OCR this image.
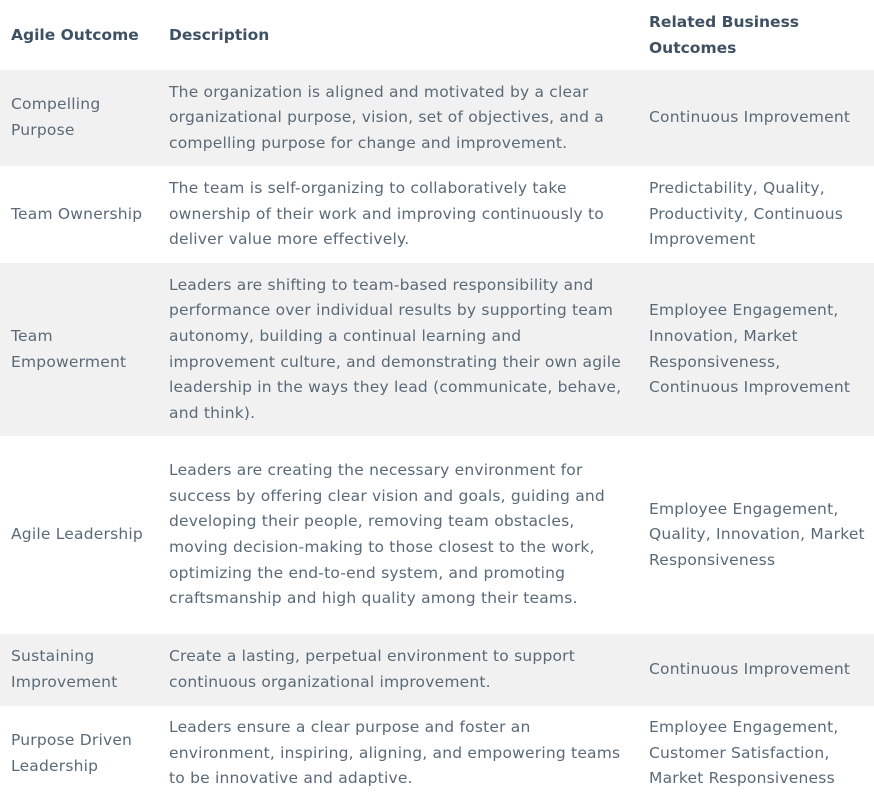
Agile Outcome	Description	Related Business Outcomes
Compelling Purpose	The organization is aligned and motivated by a clear organizational purpose, vision, set of objectives, and a compelling purpose for change and improvement.	Continuous Improvement
Team Ownership	The team is self-organizing to collaboratively take ownership of their work and improving continuously to deliver value more effectively.	Predictability, Quality, Productivity, Continuous Improvement
Team Empowerment	Leaders are shifting to team-based responsibility and performance over individual results by supporting team autonomy, building a continual learning and improvement culture, and demonstrating their own agile leadership in the ways they lead (communicate, behave, and think).	Employee Engagement, Innovation, Market Responsiveness, Continuous Improvement
Agile Leadership	Leaders are creating the necessary environment for success by offering clear vision and goals, guiding and developing their people, removing team obstacles, moving decision-making to those closest to the work, optimizing the end-to-end system, and promoting craftsmanship and high quality among their teams.	Employee Engagement, Quality, Innovation, Market Responsiveness
Sustaining Improvement	Create a lasting, perpetual environment to support continuous organizational improvement.	Continuous Improvement
Purpose Driven Leadership	Leaders ensure a clear purpose and foster an environment, inspiring, aligning, and empowering teams to be innovative and adaptive.	Employee Engagement, Customer Satisfaction, Market Responsiveness
